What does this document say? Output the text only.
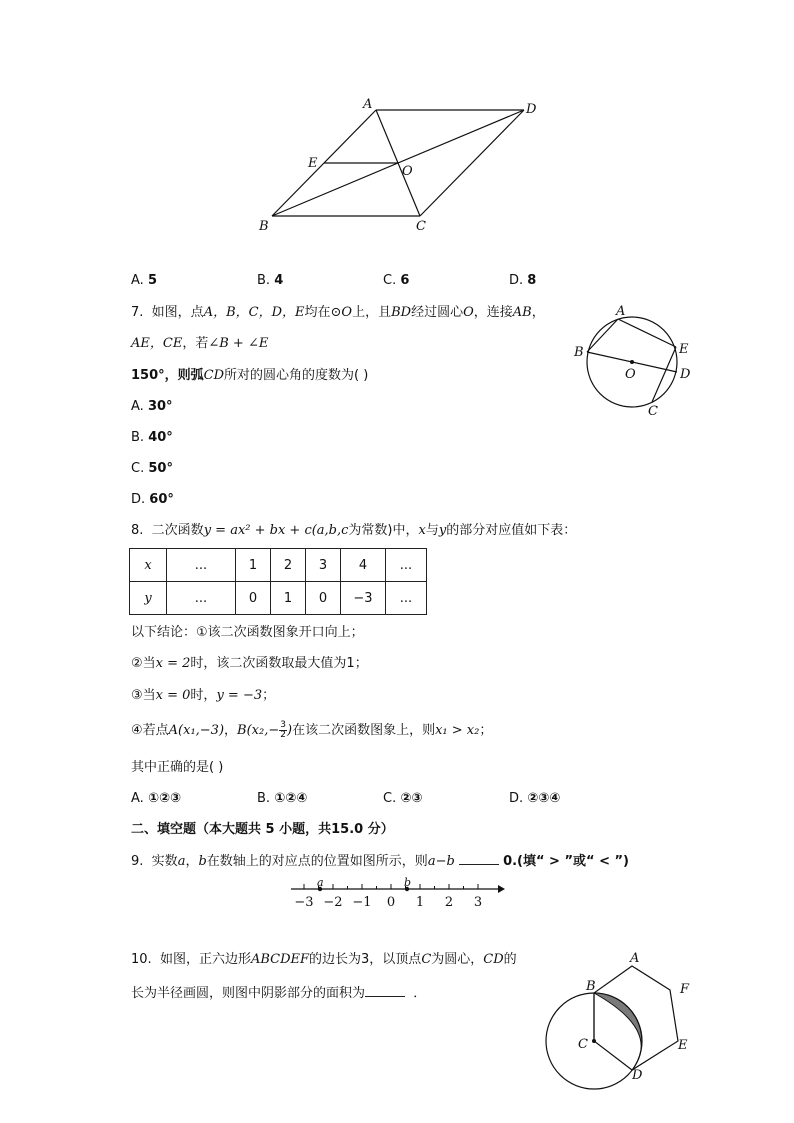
A	D
E
O
B	C
A. 5	B. 4	C. 6	D. 8
7. 如图，点A，B，C，D，E均在⊙O上，且BD经过圆心O，连接AB，
AE，CE，若∠B + ∠E
150°，则弧CD所对的圆心角的度数为( )
A. 30°
B. 40°
C. 50°
D. 60°
A
B	E
O	D
C
8. 二次函数y = ax² + bx + c(a,b,c为常数)中，x与y的部分对应值如下表：
x	...	1	2	3	4	...
y	...	0	1	0	−3	...
以下结论：①该二次函数图象开口向上；
②当x = 2时，该二次函数取最大值为1；
③当x = 0时，y = −3；
④若点A(x₁,−3)，$B(x_2,- \frac{3}{2}$ )在该二次函数图象上，则x₁ > x₂；
其中正确的是( )
A. ①②③	B. ①②④	C. ②③	D. ②③④
二、填空题（本大题共 5 小题，共15.0 分）
9. 实数a，b在数轴上的对应点的位置如图所示，则a−b	0.(填“ > ”或“ < ”)
−3 −2 −1 0 1 2 3
a	b
10. 如图，正六边形ABCDEF的边长为3，以顶点C为圆心，CD的
长为半径画圆，则图中阴影部分的面积为	．
A
B	F
C	E
D
